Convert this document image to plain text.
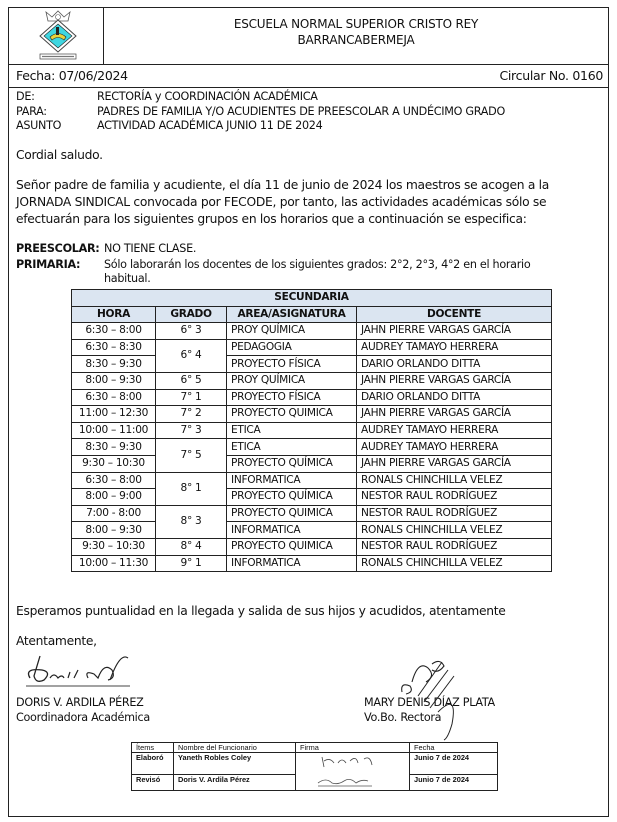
ESCUELA NORMAL SUPERIOR CRISTO REY
BARRANCABERMEJA
Fecha: 07/06/2024	Circular No. 0160
DE:	RECTORÍA y COORDINACIÓN ACADÉMICA
PARA:	PADRES DE FAMILIA Y/O ACUDIENTES DE PREESCOLAR A UNDÉCIMO GRADO
ASUNTO	ACTIVIDAD ACADÉMICA JUNIO 11 DE 2024
Cordial saludo.
Señor padre de familia y acudiente, el día 11 de junio de 2024 los maestros se acogen a la
JORNADA SINDICAL convocada por FECODE, por tanto, las actividades académicas sólo se
efectuarán para los siguientes grupos en los horarios que a continuación se especifica:
PREESCOLAR: NO TIENE CLASE.
PRIMARIA: Sólo laborarán los docentes de los siguientes grados: 2°2, 2°3, 4°2 en el horario
habitual.
SECUNDARIA			
HORA	GRADO	AREA/ASIGNATURA	DOCENTE
6:30 – 8:00	6° 3	PROY QUÍMICA	JAHN PIERRE VARGAS GARCÍA
6:30 – 8:30	6° 4	PEDAGOGIA	AUDREY TAMAYO HERRERA
8:30 – 9:30		PROYECTO FÍSICA	DARIO ORLANDO DITTA
8:00 – 9:30	6° 5	PROY QUÍMICA	JAHN PIERRE VARGAS GARCÍA
6:30 – 8:00	7° 1	PROYECTO FÍSICA	DARIO ORLANDO DITTA
11:00 – 12:30	7° 2	PROYECTO QUIMICA	JAHN PIERRE VARGAS GARCÍA
10:00 – 11:00	7° 3	ETICA	AUDREY TAMAYO HERRERA
8:30 – 9:30	7° 5	ETICA	AUDREY TAMAYO HERRERA
9:30 – 10:30		PROYECTO QUÍMICA	JAHN PIERRE VARGAS GARCÍA
6:30 – 8:00	8° 1	INFORMATICA	RONALS CHINCHILLA VELEZ
8:00 – 9:00		PROYECTO QUÍMICA	NESTOR RAUL RODRÍGUEZ
7:00 - 8:00	8° 3	PROYECTO QUIMICA	NESTOR RAUL RODRÍGUEZ
8:00 – 9:30		INFORMATICA	RONALS CHINCHILLA VELEZ
9:30 – 10:30	8° 4	PROYECTO QUIMICA	NESTOR RAUL RODRÍGUEZ
10:00 – 11:30	9° 1	INFORMATICA	RONALS CHINCHILLA VELEZ
Esperamos puntualidad en la llegada y salida de sus hijos y acudidos, atentamente
Atentamente,
DORIS V. ARDILA PÉREZ
Coordinadora Académica
MARY DENIS DÍAZ PLATA
Vo.Bo. Rectora
Ítems	Nombre del Funcionario	Firma	Fecha
Elaboró	Yaneth Robles Coley		Junio 7 de 2024
Revisó	Doris V. Ardila Pérez		Junio 7 de 2024
